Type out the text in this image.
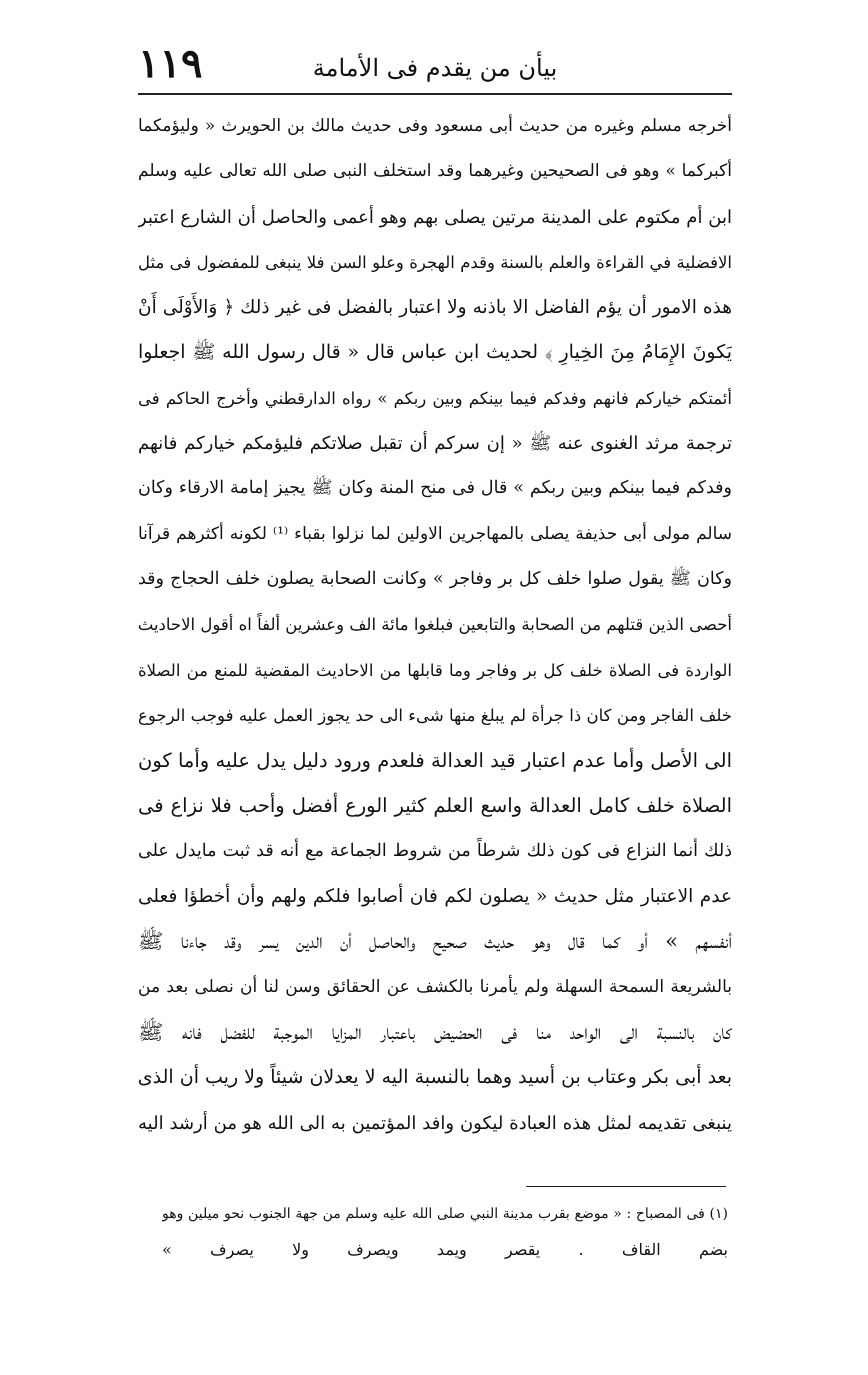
١١٩	بيأن من يقدم فى الأمامة
أخرجه مسلم وغيره من حديث أبى مسعود وفى حديث مالك بن الحويرث « وليؤمكما
أكبركما » وهو فى الصحيحين وغيرهما وقد استخلف النبى صلى الله تعالى عليه وسلم
ابن أم مكتوم على المدينة مرتين يصلى بهم وهو أعمى والحاصل أن الشارع اعتبر
الافضلية في القراءة والعلم بالسنة وقدم الهجرة وعلو السن فلا ينبغى للمفضول فى مثل
هذه الامور أن يؤم الفاضل الا باذنه ولا اعتبار بالفضل فى غير ذلك ﴿ وَالأَوْلَى أَنْ
يَكونَ الإِمَامُ مِنَ الخِيارِ ﴾ لحديث ابن عباس قال « قال رسول الله ﷺ اجعلوا
أئمتكم خياركم فانهم وفدكم فيما بينكم وبين ربكم » رواه الدارقطني وأخرج الحاكم فى
ترجمة مرثد الغنوى عنه ﷺ « إن سركم أن تقبل صلاتكم فليؤمكم خياركم فانهم
وفدكم فيما بينكم وبين ربكم » قال فى منح المنة وكان ﷺ يجيز إمامة الارقاء وكان
سالم مولى أبى حذيفة يصلى بالمهاجرين الاولين لما نزلوا بقباء ⁽¹⁾ لكونه أكثرهم قرآنا
وكان ﷺ يقول صلوا خلف كل بر وفاجر » وكانت الصحابة يصلون خلف الحجاج وقد
أحصى الذين قتلهم من الصحابة والتابعين فبلغوا مائة الف وعشرين ألفاً اه أقول الاحاديث
الواردة فى الصلاة خلف كل بر وفاجر وما قابلها من الاحاديث المقضية للمنع من الصلاة
خلف الفاجر ومن كان ذا جرأة لم يبلغ منها شىء الى حد يجوز العمل عليه فوجب الرجوع
الى الأصل وأما عدم اعتبار قيد العدالة فلعدم ورود دليل يدل عليه وأما كون
الصلاة خلف كامل العدالة واسع العلم كثير الورع أفضل وأحب فلا نزاع فى
ذلك أنما النزاع فى كون ذلك شرطاً من شروط الجماعة مع أنه قد ثبت مايدل على
عدم الاعتبار مثل حديث « يصلون لكم فان أصابوا فلكم ولهم وأن أخطؤا فعلى
أنفسهم » أو كما قال وهو حديث صحيح والحاصل أن الدين يسر وقد جاءنا ﷺ
بالشريعة السمحة السهلة ولم يأمرنا بالكشف عن الحقائق وسن لنا أن نصلى بعد من
كان بالنسبة الى الواحد منا فى الحضيض باعتبار المزايا الموجبة للفضل فانه ﷺ
بعد أبى بكر وعتاب بن أسيد وهما بالنسبة اليه لا يعدلان شيئاً ولا ريب أن الذى
ينبغى تقديمه لمثل هذه العبادة ليكون وافد المؤتمين به الى الله هو من أرشد اليه
(١) فى المصباح : « موضع بقرب مدينة النبي صلى الله عليه وسلم من جهة الجنوب نحو ميلين وهو
بضم القاف . يقصر ويمد ويصرف ولا يصرف »
